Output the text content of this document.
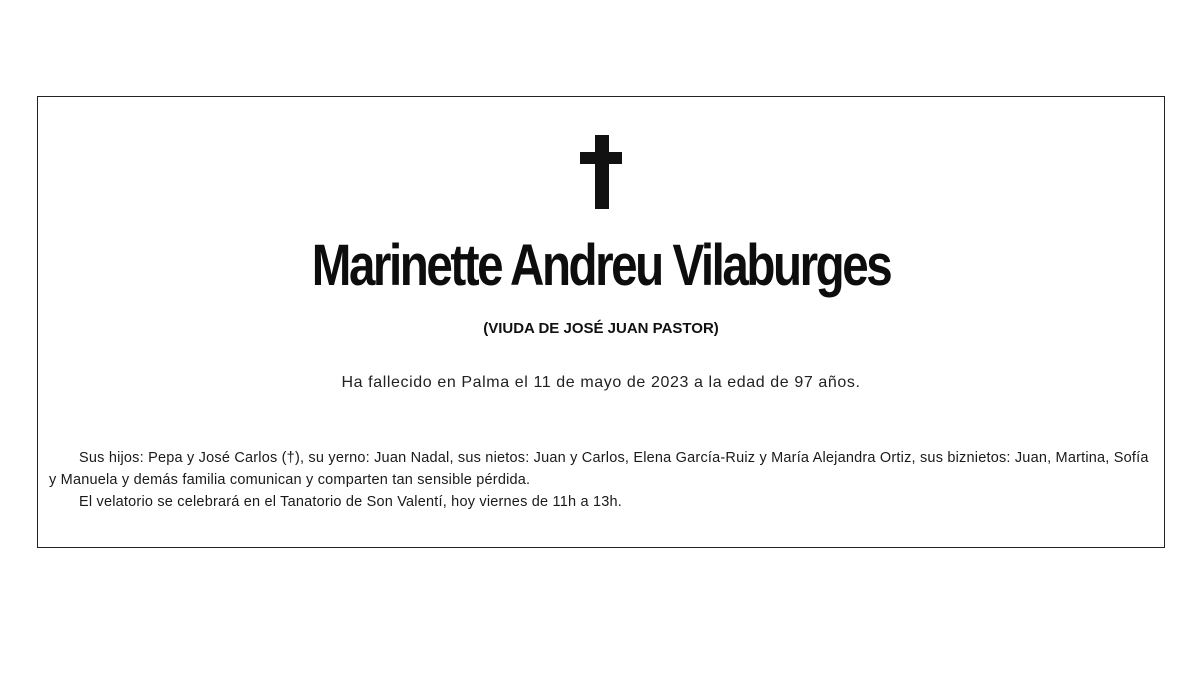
Marinette Andreu Vilaburges
(VIUDA DE JOSÉ JUAN PASTOR)
Ha fallecido en Palma el 11 de mayo de 2023 a la edad de 97 años.

Sus hijos: Pepa y José Carlos (†), su yerno: Juan Nadal, sus nietos: Juan y Carlos, Elena García-Ruiz y María Alejandra Ortiz, sus biznietos: Juan, Martina, Sofía y Manuela y demás familia comunican y comparten tan sensible pérdida.

El velatorio se celebrará en el Tanatorio de Son Valentí, hoy viernes de 11h a 13h.
